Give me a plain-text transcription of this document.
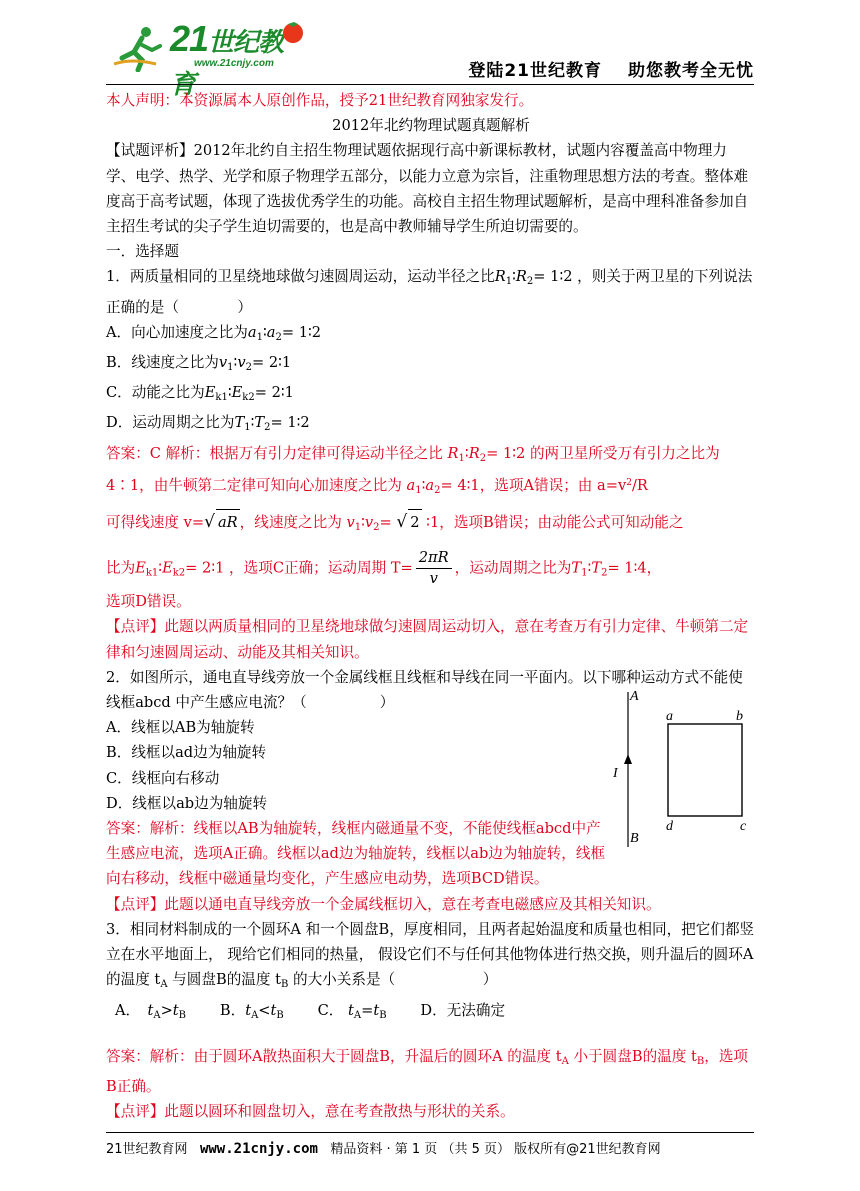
21世纪教育
www.21cnjy.com	登陆21世纪教育 助您教考全无忧

本人声明：本资源属本人原创作品，授予21世纪教育网独家发行。

2012年北约物理试题真题解析

【试题评析】2012年北约自主招生物理试题依据现行高中新课标教材，试题内容覆盖高中物理力学、电学、热学、光学和原子物理学五部分，以能力立意为宗旨，注重物理思想方法的考查。整体难度高于高考试题，体现了选拔优秀学生的功能。高校自主招生物理试题解析，是高中理科准备参加自主招生考试的尖子学生迫切需要的，也是高中教师辅导学生所迫切需要的。

一．选择题

1．两质量相同的卫星绕地球做匀速圆周运动，运动半径之比$R_1∶R_2=$ 1∶2 ，则关于两卫星的下列说法正确的是（　　　　）

A．向心加速度之比为$a_1∶a_2=$ 1∶2

B．线速度之比为$v_1∶v_2=$ 2∶1

C．动能之比为$E_{k1}∶E_{k2}=$ 2∶1

D．运动周期之比为$T_1∶T_2=$ 1∶2

答案：C 解析：根据万有引力定律可得运动半径之比 $R_1∶R_2=$ 1∶2 的两卫星所受万有引力之比为4∶1，由牛顿第二定律可知向心加速度之比为 $a_1∶a_2=$ 4∶1，选项A错误；由 $a=v^2/R$

可得线速度 v=√ aR ，线速度之比为 $v_1∶v_2=$ √ 2 ∶1，选项B错误；由动能公式可知动能之

比为$E_{k1}∶E_{k2}=$ 2∶1 ，选项C正确；运动周期 $T= \frac{2\pi R}{v}$ ，运动周期之比为$T_1∶T_2=$ 1∶4，

选项D错误。

【点评】此题以两质量相同的卫星绕地球做匀速圆周运动切入，意在考查万有引力定律、牛顿第二定律和匀速圆周运动、动能及其相关知识。

2．如图所示，通电直导线旁放一个金属线框且线框和导线在同一平面内。以下哪种运动方式不能使线框abcd 中产生感应电流？（　　　　　）

A．线框以AB为轴旋转

B．线框以ad边为轴旋转

C．线框向右移动

D．线框以ab边为轴旋转

答案：解析：线框以AB为轴旋转，线框内磁通量不变，不能使线框abcd中产生感应电流，选项A正确。线框以ad边为轴旋转，线框以ab边为轴旋转，线框向右移动，线框中磁通量均变化，产生感应电动势，选项BCD错误。

【点评】此题以通电直导线旁放一个金属线框切入，意在考查电磁感应及其相关知识。

3．相同材料制成的一个圆环A 和一个圆盘B，厚度相同，且两者起始温度和质量也相同，把它们都竖立在水平地面上， 现给它们相同的热量， 假设它们不与任何其他物体进行热交换，则升温后的圆环A 的温度 $t_A$ 与圆盘B的温度 $t_B$ 的大小关系是（　　　　　　）

A．　 $t_A>t_B$　　 B．$t_A<t_B$　　 C． $t_A=t_B$　　 D．无法确定

答案：解析：由于圆环A散热面积大于圆盘B，升温后的圆环A 的温度 $t_A$ 小于圆盘B的温度 $t_B$，选项B正确。

【点评】此题以圆环和圆盘切入，意在考查散热与形状的关系。

A
B
I
a	b
c
d
21世纪教育网 www.21cnjy.com 精品资料 · 第 1 页 （共 5 页） 版权所有@21世纪教育网
